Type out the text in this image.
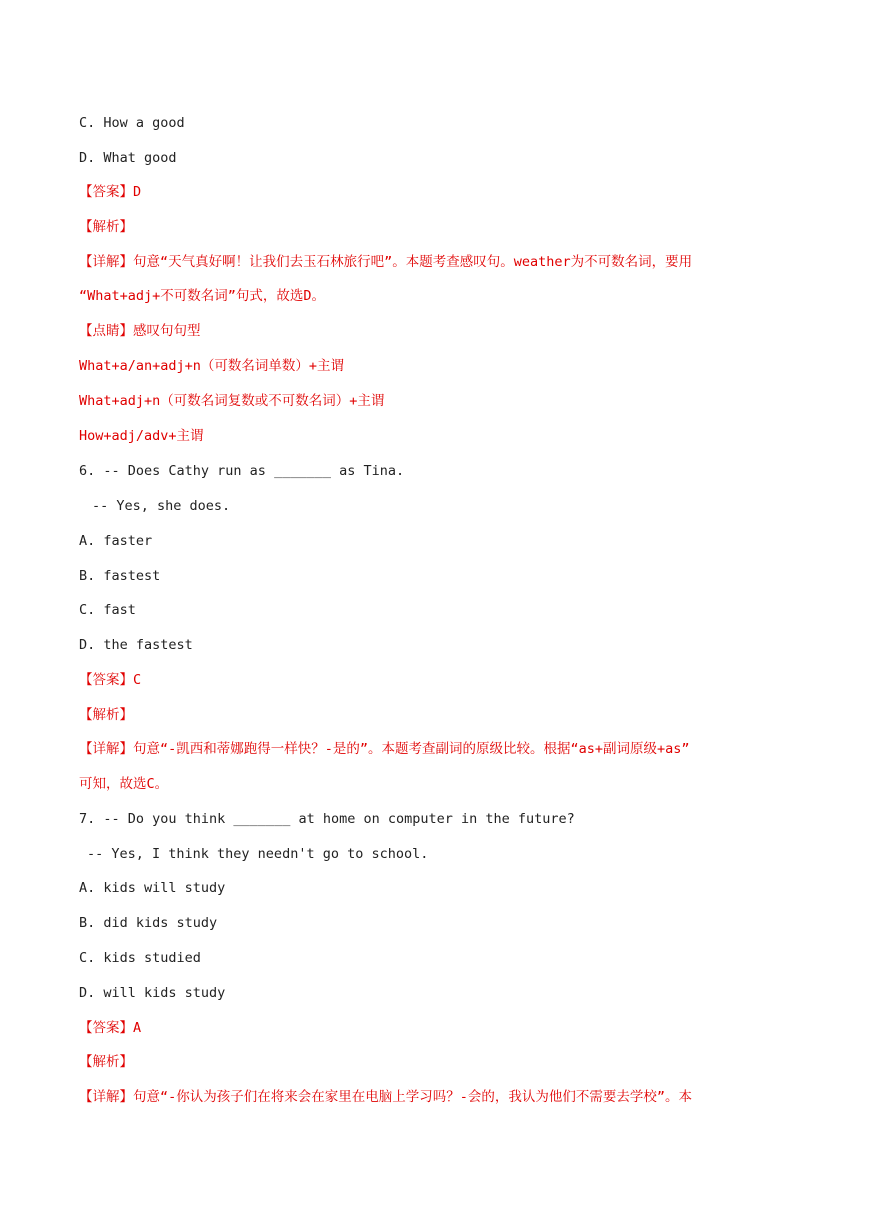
C. How a good
D. What good
【答案】D
【解析】
【详解】句意“天气真好啊！让我们去玉石林旅行吧”。本题考查感叹句。weather为不可数名词，要用
“What+adj+不可数名词”句式，故选D。
【点睛】感叹句句型
What+a/an+adj+n（可数名词单数）+主谓
What+adj+n（可数名词复数或不可数名词）+主谓
How+adj/adv+主谓
6. -- Does Cathy run as _______ as Tina.
-- Yes, she does.
A. faster
B. fastest
C. fast
D. the fastest
【答案】C
【解析】
【详解】句意“-凯西和蒂娜跑得一样快？-是的”。本题考查副词的原级比较。根据“as+副词原级+as”
可知，故选C。
7. -- Do you think _______ at home on computer in the future?
-- Yes, I think they needn't go to school.
A. kids will study
B. did kids study
C. kids studied
D. will kids study
【答案】A
【解析】
【详解】句意“-你认为孩子们在将来会在家里在电脑上学习吗？-会的，我认为他们不需要去学校”。本
